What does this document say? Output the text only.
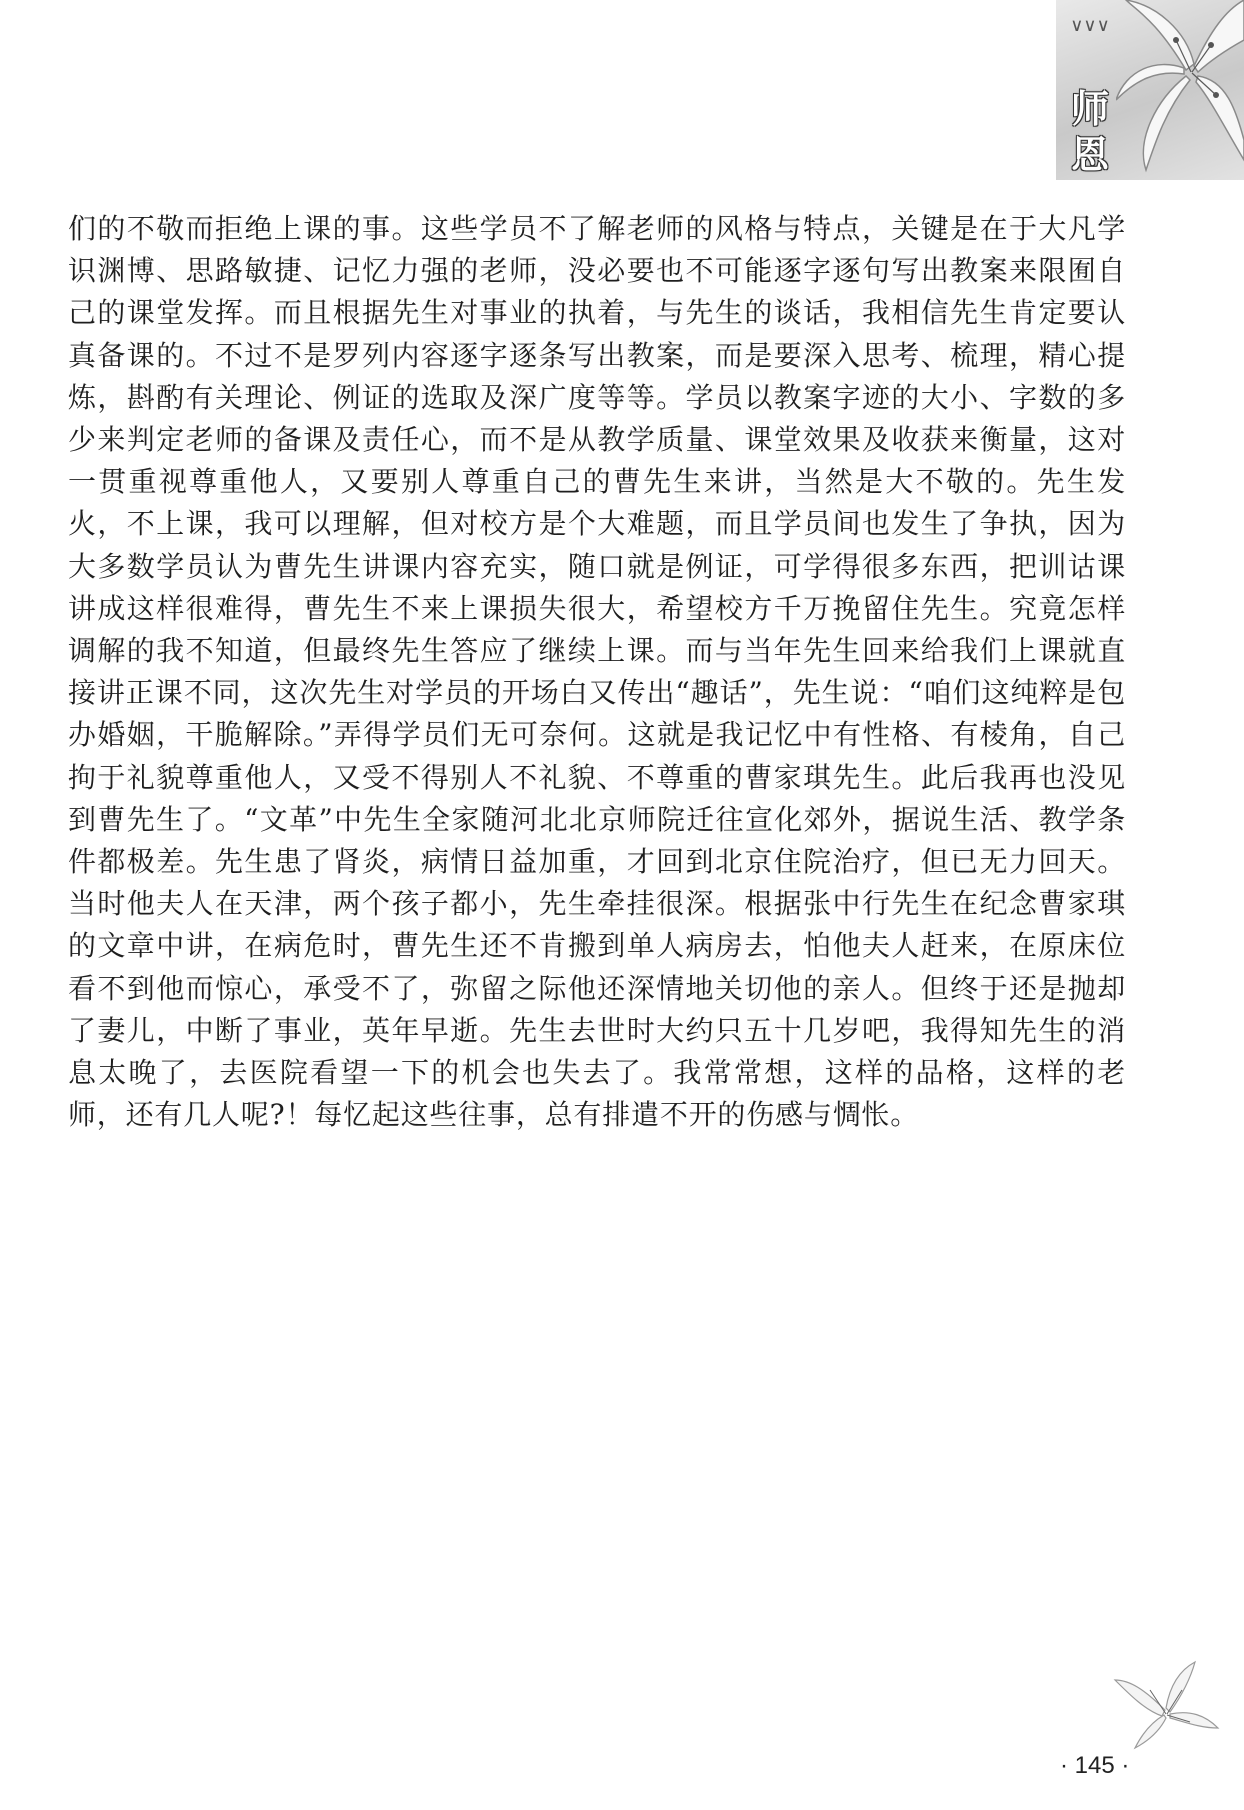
∨∨∨
师
恩

们的不敬而拒绝上课的事。这些学员不了解老师的风格与特点，关键是在于大凡学识渊博、思路敏捷、记忆力强的老师，没必要也不可能逐字逐句写出教案来限囿自己的课堂发挥。而且根据先生对事业的执着，与先生的谈话，我相信先生肯定要认真备课的。不过不是罗列内容逐字逐条写出教案，而是要深入思考、梳理，精心提炼，斟酌有关理论、例证的选取及深广度等等。学员以教案字迹的大小、字数的多少来判定老师的备课及责任心，而不是从教学质量、课堂效果及收获来衡量，这对一贯重视尊重他人，又要别人尊重自己的曹先生来讲，当然是大不敬的。先生发火，不上课，我可以理解，但对校方是个大难题，而且学员间也发生了争执，因为大多数学员认为曹先生讲课内容充实，随口就是例证，可学得很多东西，把训诂课讲成这样很难得，曹先生不来上课损失很大，希望校方千万挽留住先生。究竟怎样调解的我不知道，但最终先生答应了继续上课。而与当年先生回来给我们上课就直接讲正课不同，这次先生对学员的开场白又传出“趣话”，先生说：“咱们这纯粹是包办婚姻，干脆解除。”弄得学员们无可奈何。这就是我记忆中有性格、有棱角，自己拘于礼貌尊重他人，又受不得别人不礼貌、不尊重的曹家琪先生。此后我再也没见到曹先生了。“文革”中先生全家随河北北京师院迁往宣化郊外，据说生活、教学条件都极差。先生患了肾炎，病情日益加重，才回到北京住院治疗，但已无力回天。当时他夫人在天津，两个孩子都小，先生牵挂很深。根据张中行先生在纪念曹家琪的文章中讲，在病危时，曹先生还不肯搬到单人病房去，怕他夫人赶来，在原床位看不到他而惊心，承受不了，弥留之际他还深情地关切他的亲人。但终于还是抛却了妻儿，中断了事业，英年早逝。先生去世时大约只五十几岁吧，我得知先生的消息太晚了，去医院看望一下的机会也失去了。我常常想，这样的品格，这样的老师，还有几人呢?！每忆起这些往事，总有排遣不开的伤感与惆怅。

· 145 ·
